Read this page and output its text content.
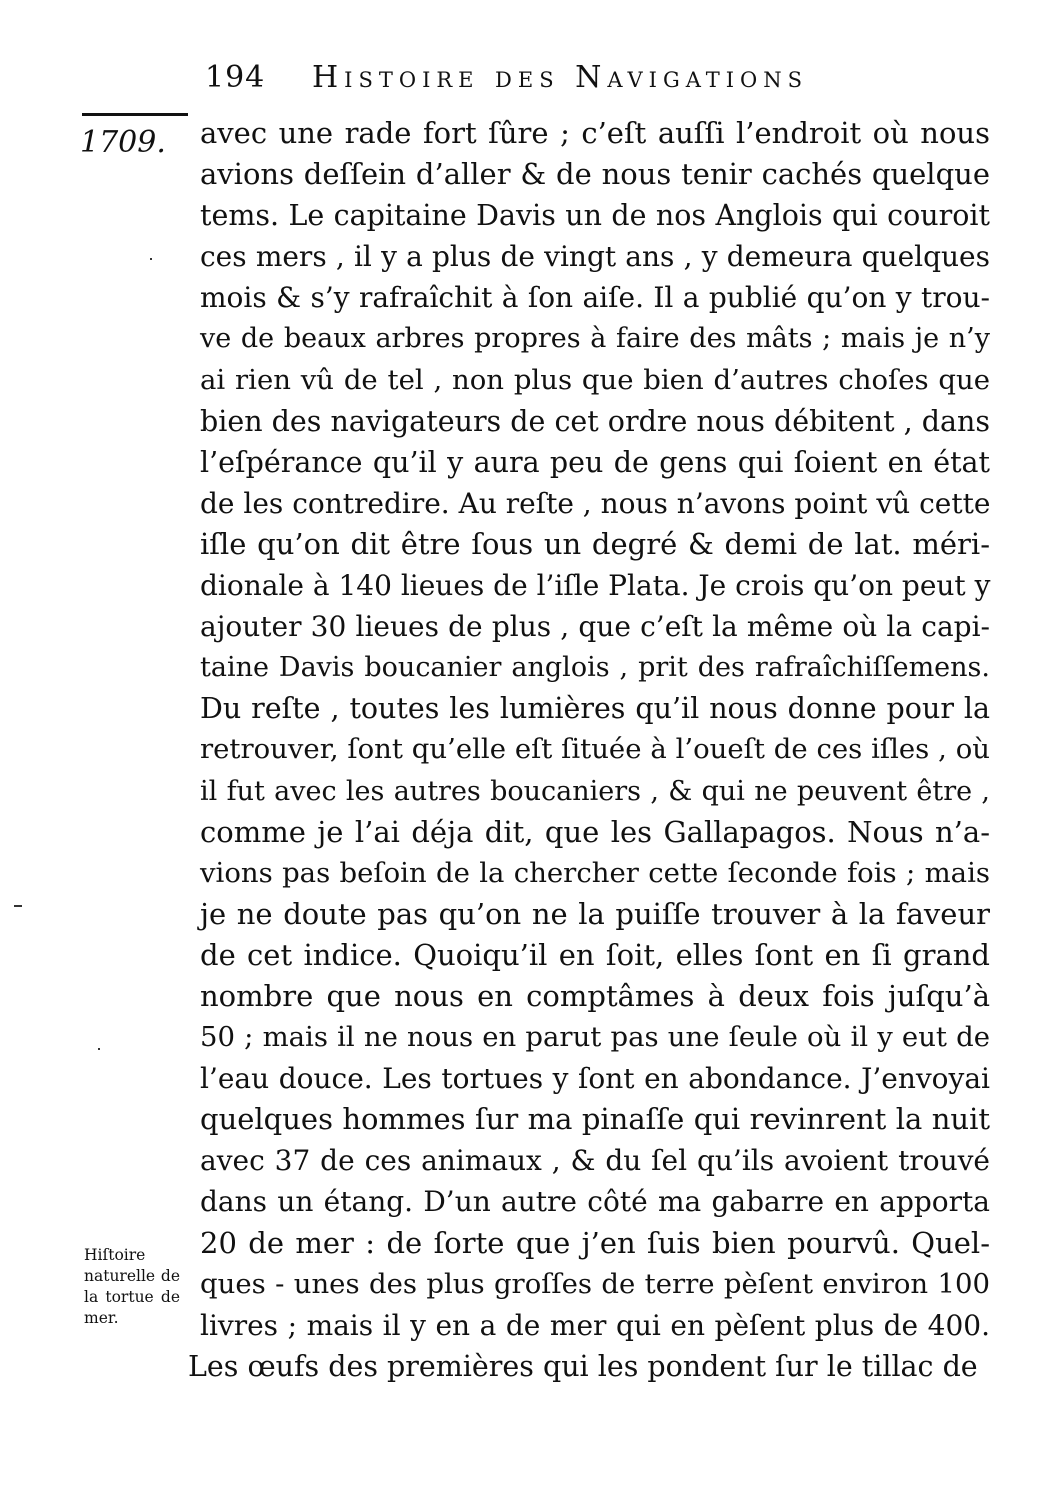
194 Histoire des Navigations
1709. avec une rade fort ſûre ; c’eſt auſſi l’endroit où nous
avions deſſein d’aller & de nous tenir cachés quelque
tems. Le capitaine Davis un de nos Anglois qui couroit
ces mers , il y a plus de vingt ans , y demeura quelques
mois & s’y rafraîchit à ſon aiſe. Il a publié qu’on y trou-
ve de beaux arbres propres à faire des mâts ; mais je n’y
ai rien vû de tel , non plus que bien d’autres choſes que
bien des navigateurs de cet ordre nous débitent , dans
l’eſpérance qu’il y aura peu de gens qui ſoient en état
de les contredire. Au reſte , nous n’avons point vû cette
iſle qu’on dit être ſous un degré & demi de lat. méri-
dionale à 140 lieues de l’iſle Plata. Je crois qu’on peut y
ajouter 30 lieues de plus , que c’eſt la même où la capi-
taine Davis boucanier anglois , prit des rafraîchiſſemens.
Du reſte , toutes les lumières qu’il nous donne pour la
retrouver, ſont qu’elle eſt ſituée à l’oueſt de ces iſles , où
il fut avec les autres boucaniers , & qui ne peuvent être ,
comme je l’ai déja dit, que les Gallapagos. Nous n’a-
vions pas beſoin de la chercher cette ſeconde fois ; mais
je ne doute pas qu’on ne la puiſſe trouver à la faveur
de cet indice. Quoiqu’il en ſoit, elles ſont en ſi grand
nombre que nous en comptâmes à deux fois juſqu’à
50 ; mais il ne nous en parut pas une ſeule où il y eut de
l’eau douce. Les tortues y ſont en abondance. J’envoyai
quelques hommes ſur ma pinaſſe qui revinrent la nuit
avec 37 de ces animaux , & du ſel qu’ils avoient trouvé
dans un étang. D’un autre côté ma gabarre en apporta
20 de mer : de ſorte que j’en ſuis bien pourvû. Quel-
ques - unes des plus groſſes de terre pèſent environ 100
livres ; mais il y en a de mer qui en pèſent plus de 400.
Les œufs des premières qui les pondent ſur le tillac de
Hiſtoire
naturelle de
la tortue de
mer.
